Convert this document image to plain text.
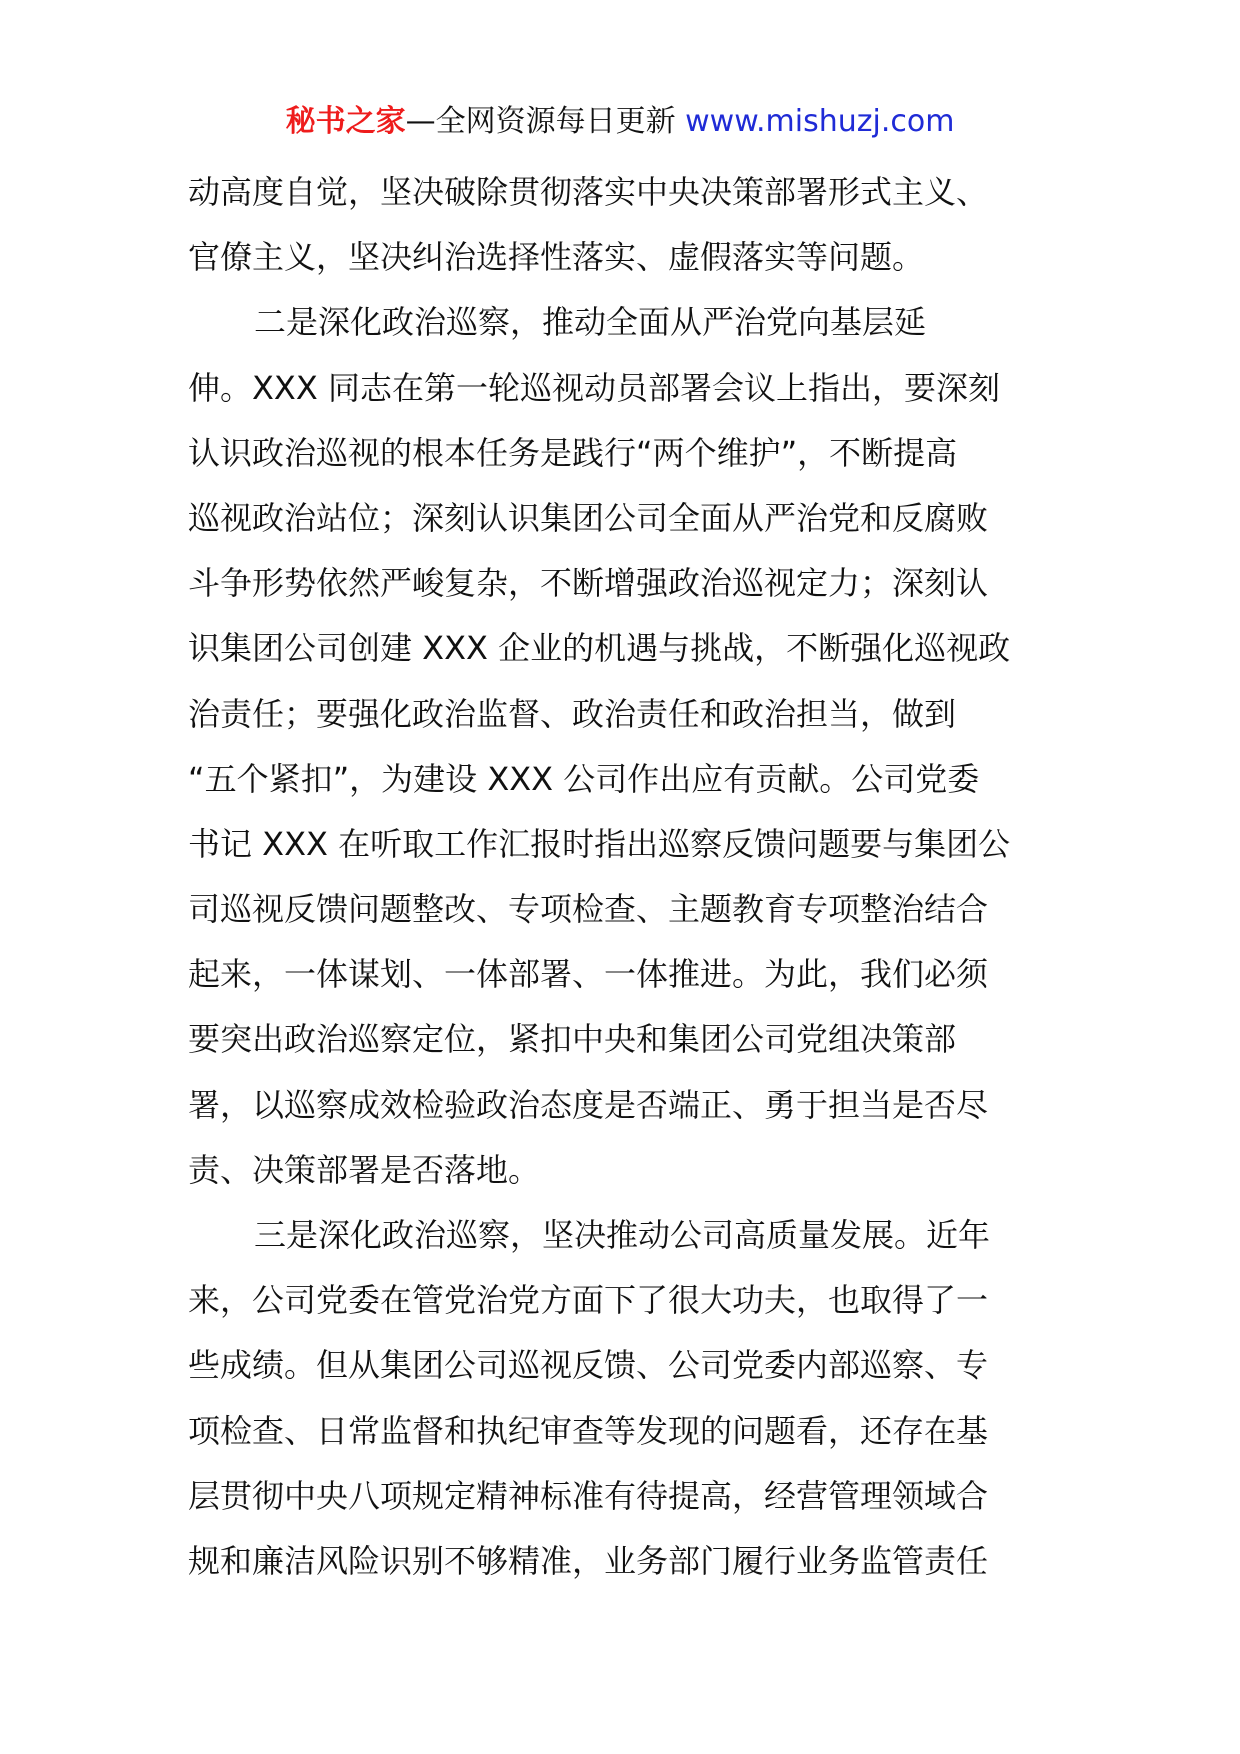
秘书之家—全网资源每日更新 www.mishuzj.com
动高度自觉，坚决破除贯彻落实中央决策部署形式主义、
官僚主义，坚决纠治选择性落实、虚假落实等问题。
二是深化政治巡察，推动全面从严治党向基层延
伸。XXX 同志在第一轮巡视动员部署会议上指出，要深刻
认识政治巡视的根本任务是践行“两个维护”，不断提高
巡视政治站位；深刻认识集团公司全面从严治党和反腐败
斗争形势依然严峻复杂，不断增强政治巡视定力；深刻认
识集团公司创建 XXX 企业的机遇与挑战，不断强化巡视政
治责任；要强化政治监督、政治责任和政治担当，做到
“五个紧扣”，为建设 XXX 公司作出应有贡献。公司党委
书记 XXX 在听取工作汇报时指出巡察反馈问题要与集团公
司巡视反馈问题整改、专项检查、主题教育专项整治结合
起来，一体谋划、一体部署、一体推进。为此，我们必须
要突出政治巡察定位，紧扣中央和集团公司党组决策部
署，以巡察成效检验政治态度是否端正、勇于担当是否尽
责、决策部署是否落地。
三是深化政治巡察，坚决推动公司高质量发展。近年
来，公司党委在管党治党方面下了很大功夫，也取得了一
些成绩。但从集团公司巡视反馈、公司党委内部巡察、专
项检查、日常监督和执纪审查等发现的问题看，还存在基
层贯彻中央八项规定精神标准有待提高，经营管理领域合
规和廉洁风险识别不够精准，业务部门履行业务监管责任
